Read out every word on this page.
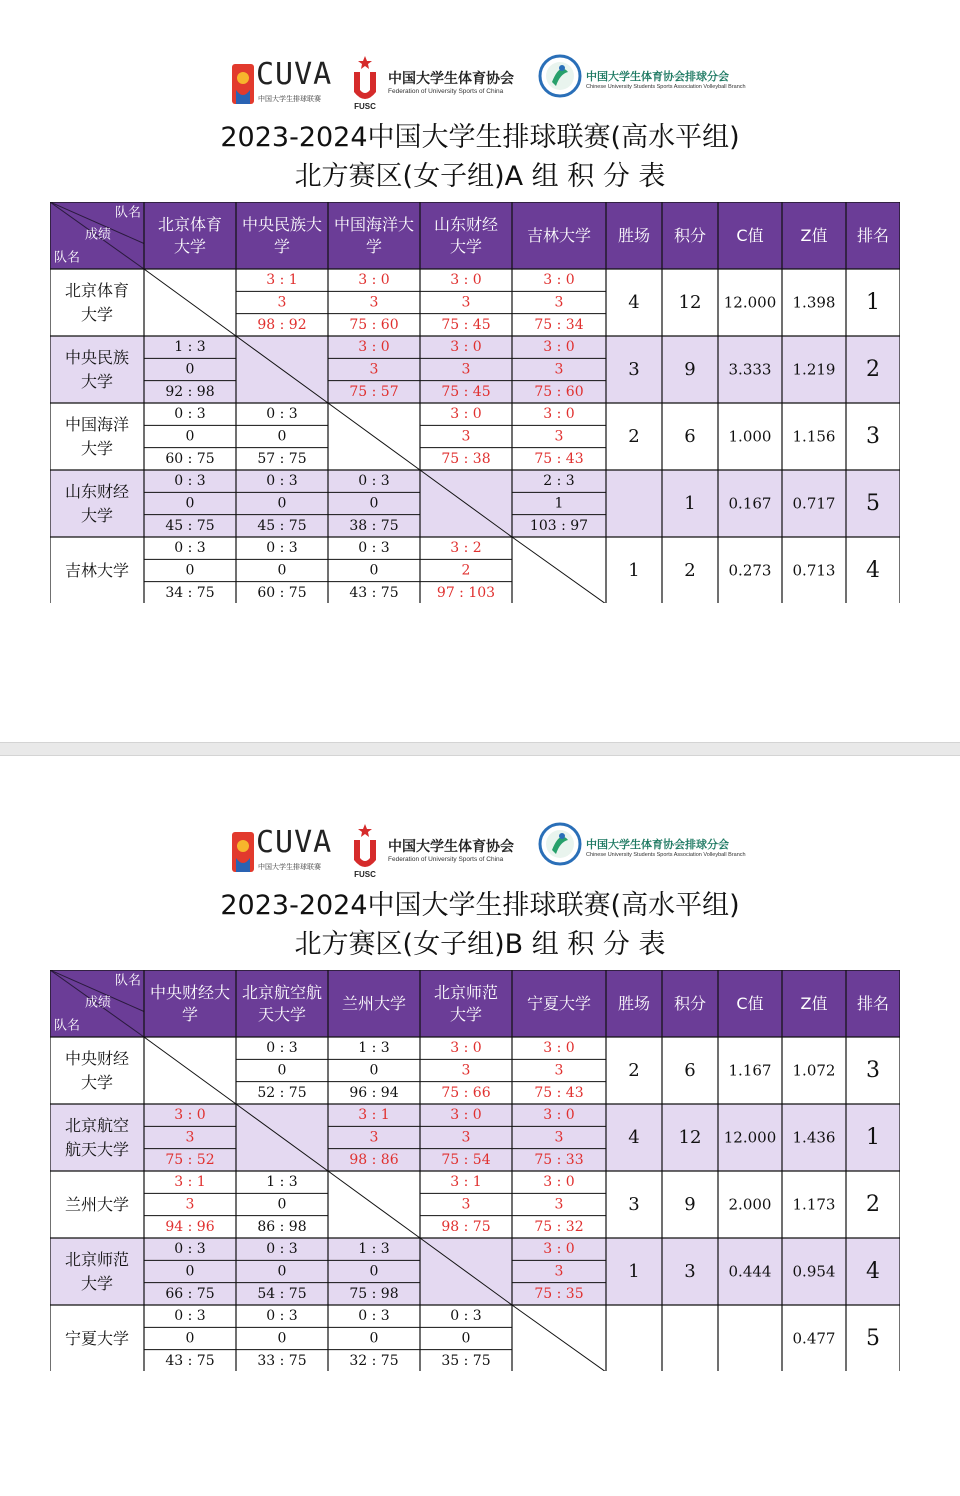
CUVA
中国大学生排球联赛
FUSC
中国大学生体育协会
Federation of University Sports of China
中国大学生体育协会排球分会
Chinese University Students Sports Association Volleyball Branch
2023-2024中国大学生排球联赛(高水平组)
北方赛区(女子组)A 组 积 分 表
队名
成绩
队名
北京体育
大学
中央民族大
学
中国海洋大
学
山东财经
大学
吉林大学 胜场 积分 C值 Z值 排名
北京体育
大学
3 : 1
3
98 : 92
3 : 0
3
75 : 60
3 : 0
3
75 : 45
3 : 0
3
75 : 34
4 12 12.000 1.398 1
中央民族
大学
1 : 3
0
92 : 98
3 : 0
3
75 : 57
3 : 0
3
75 : 45
3 : 0
3
75 : 60
3 9 3.333 1.219 2
中国海洋
大学
0 : 3
0
60 : 75
0 : 3
0
57 : 75
3 : 0
3
75 : 38
3 : 0
3
75 : 43
2 6 1.000 1.156 3
山东财经
大学
0 : 3
0
45 : 75
0 : 3
0
45 : 75
0 : 3
0
38 : 75
2 : 3
1
103 : 97
1 0.167 0.717 5
吉林大学
0 : 3
0
34 : 75
0 : 3
0
60 : 75
0 : 3
0
43 : 75
3 : 2
2
97 : 103
1 2 0.273 0.713 4
CUVA
中国大学生排球联赛
FUSC
中国大学生体育协会
Federation of University Sports of China
中国大学生体育协会排球分会
Chinese University Students Sports Association Volleyball Branch
2023-2024中国大学生排球联赛(高水平组)
北方赛区(女子组)B 组 积 分 表
队名
成绩
队名
中央财经大
学
北京航空航
天大学
兰州大学
北京师范
大学
宁夏大学 胜场 积分 C值 Z值 排名
中央财经
大学
0 : 3
0
52 : 75
1 : 3
0
96 : 94
3 : 0
3
75 : 66
3 : 0
3
75 : 43
2 6 1.167 1.072 3
北京航空
航天大学
3 : 0
3
75 : 52
3 : 1
3
98 : 86
3 : 0
3
75 : 54
3 : 0
3
75 : 33
4 12 12.000 1.436 1
兰州大学
3 : 1
3
94 : 96
1 : 3
0
86 : 98
3 : 1
3
98 : 75
3 : 0
3
75 : 32
3 9 2.000 1.173 2
北京师范
大学
0 : 3
0
66 : 75
0 : 3
0
54 : 75
1 : 3
0
75 : 98
3 : 0
3
75 : 35
1 3 0.444 0.954 4
宁夏大学
0 : 3
0
43 : 75
0 : 3
0
33 : 75
0 : 3
0
32 : 75
0 : 3
0
35 : 75
0.477 5
